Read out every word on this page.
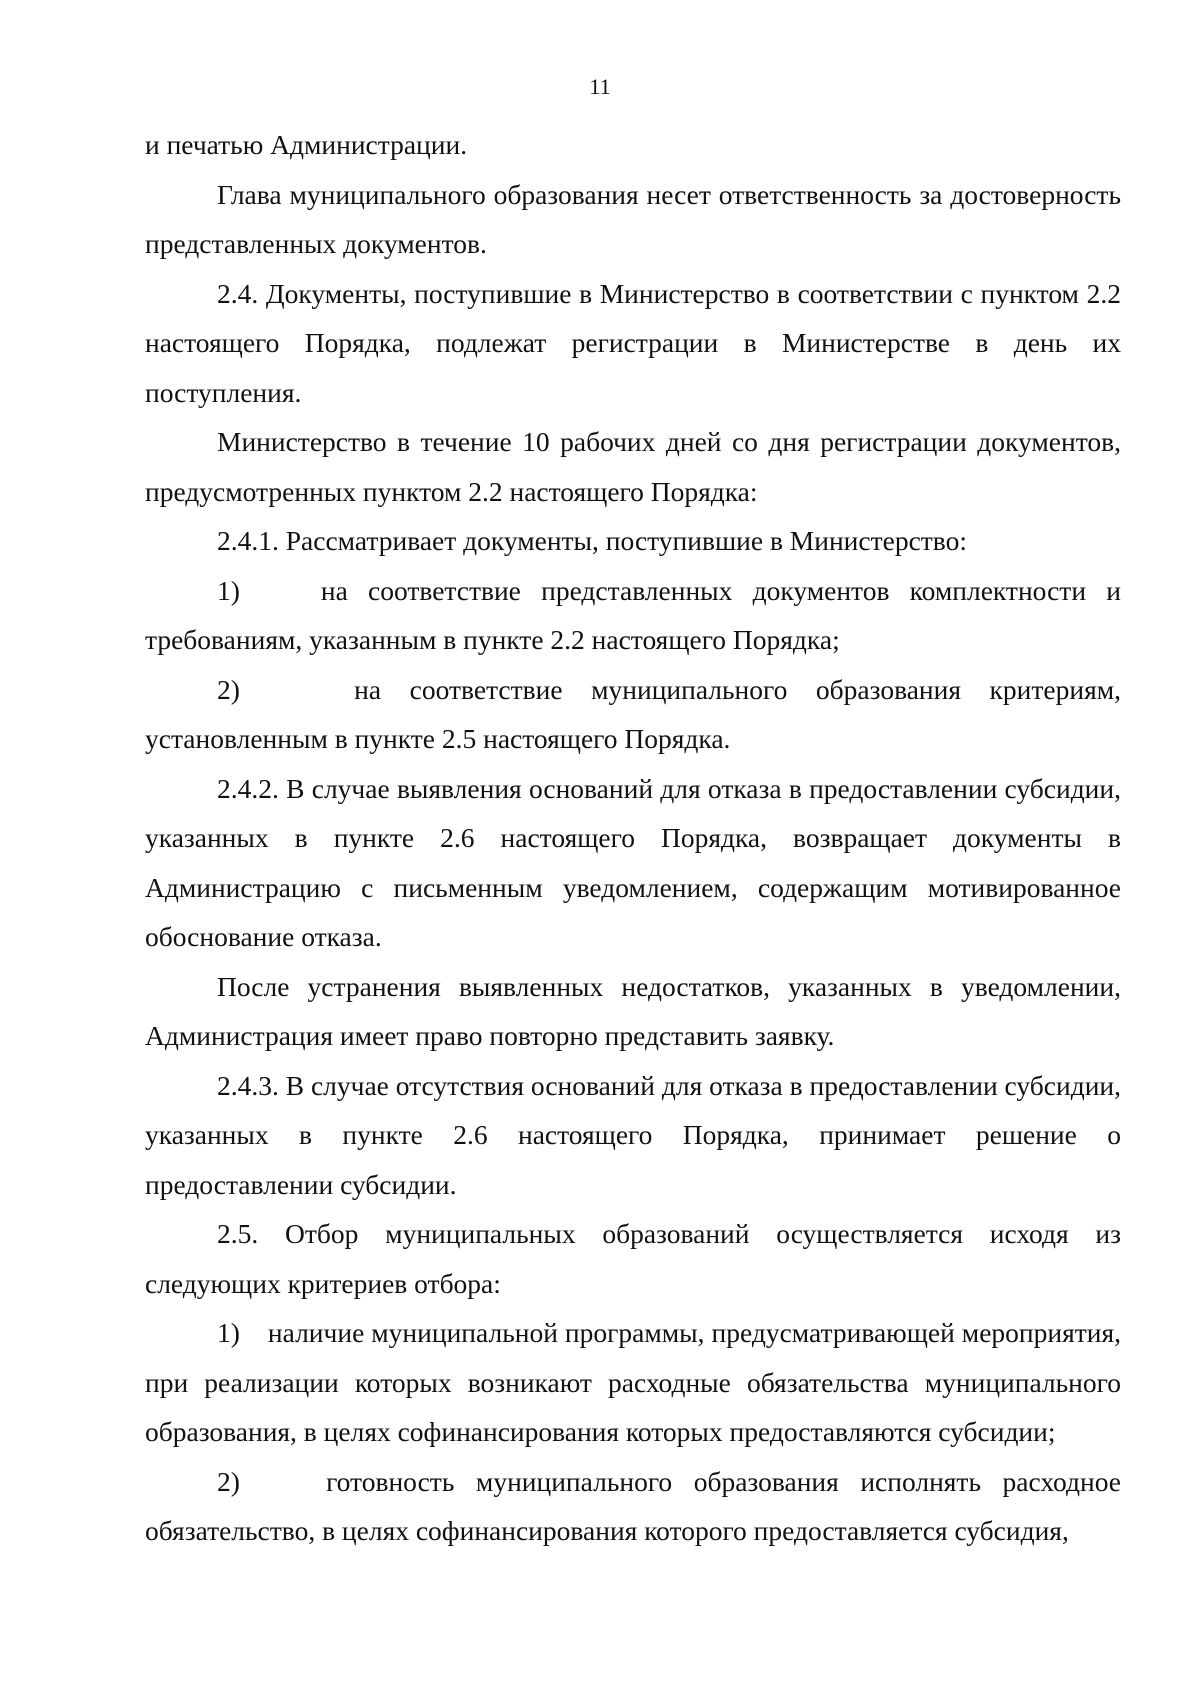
11

и печатью Администрации.

Глава муниципального образования несет ответственность за достоверность представленных документов.

2.4. Документы, поступившие в Министерство в соответствии с пунктом 2.2 настоящего Порядка, подлежат регистрации в Министерстве в день их поступления.

Министерство в течение 10 рабочих дней со дня регистрации документов, предусмотренных пунктом 2.2 настоящего Порядка:

2.4.1. Рассматривает документы, поступившие в Министерство:

1)    на соответствие представленных документов комплектности и требованиям, указанным в пункте 2.2 настоящего Порядка;

2)    на соответствие муниципального образования критериям, установленным в пункте 2.5 настоящего Порядка.

2.4.2. В случае выявления оснований для отказа в предоставлении субсидии, указанных в пункте 2.6 настоящего Порядка, возвращает документы в Администрацию с письменным уведомлением, содержащим мотивированное обоснование отказа.

После устранения выявленных недостатков, указанных в уведомлении, Администрация имеет право повторно представить заявку.

2.4.3. В случае отсутствия оснований для отказа в предоставлении субсидии, указанных в пункте 2.6 настоящего Порядка, принимает решение о предоставлении субсидии.

2.5. Отбор муниципальных образований осуществляется исходя из следующих критериев отбора:

1)    наличие муниципальной программы, предусматривающей мероприятия, при реализации которых возникают расходные обязательства муниципального образования, в целях софинансирования которых предоставляются субсидии;

2)    готовность муниципального образования исполнять расходное обязательство, в целях софинансирования которого предоставляется субсидия,
